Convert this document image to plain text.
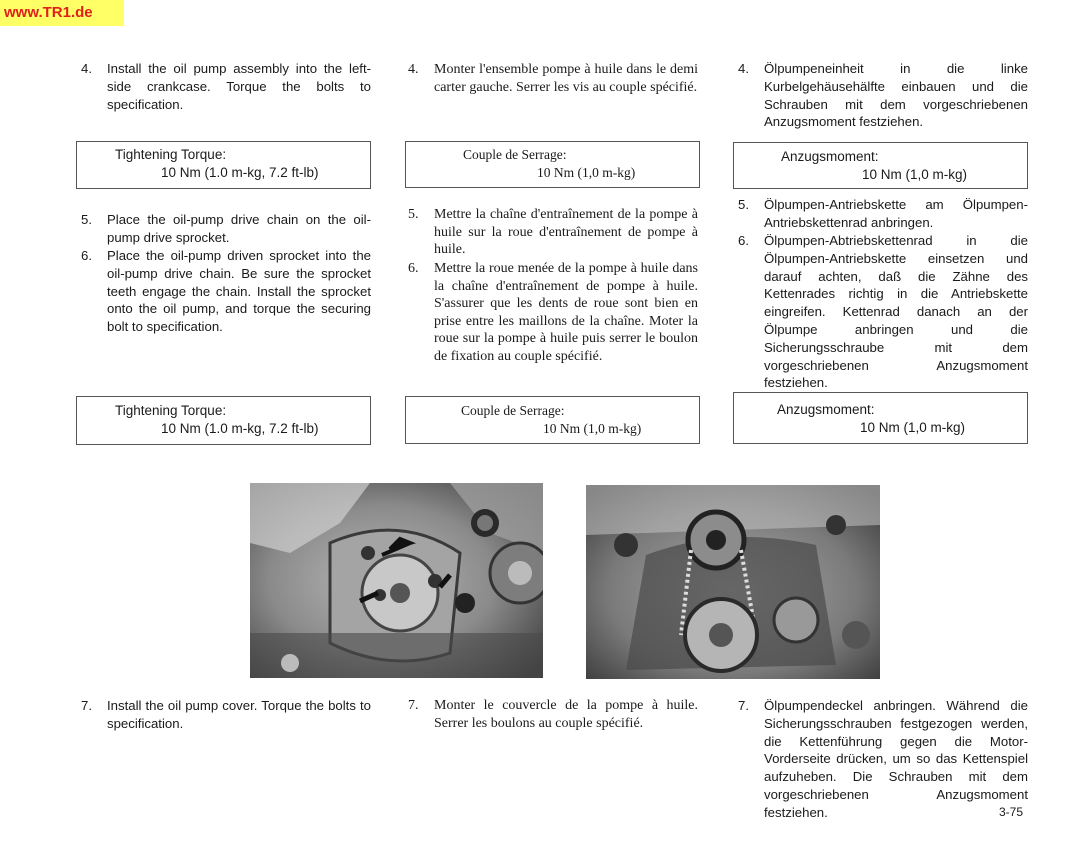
www.TR1.de
4. Install the oil pump assembly into the left-side crankcase. Torque the bolts to specification.
Tightening Torque:
10 Nm (1.0 m-kg, 7.2 ft-lb)
5. Place the oil-pump drive chain on the oil-pump drive sprocket.
6. Place the oil-pump driven sprocket into the oil-pump drive chain. Be sure the sprocket teeth engage the chain. Install the sprocket onto the oil pump, and torque the securing bolt to specification.
Tightening Torque:
10 Nm (1.0 m-kg, 7.2 ft-lb)
7. Install the oil pump cover. Torque the bolts to specification.
4. Monter l'ensemble pompe à huile dans le demi carter gauche. Serrer les vis au couple spécifié.
Couple de Serrage:
10 Nm (1,0 m-kg)
5. Mettre la chaîne d'entraînement de la pompe à huile sur la roue d'entraînement de pompe à huile.
6. Mettre la roue menée de la pompe à huile dans la chaîne d'entraînement de pompe à huile. S'assurer que les dents de roue sont bien en prise entre les maillons de la chaîne. Moter la roue sur la pompe à huile puis serrer le boulon de fixation au couple spécifié.
Couple de Serrage:
10 Nm (1,0 m-kg)
7. Monter le couvercle de la pompe à huile. Serrer les boulons au couple spécifié.
4. Ölpumpeneinheit in die linke Kurbelgehäusehälfte einbauen und die Schrauben mit dem vorgeschriebenen Anzugsmoment festziehen.
Anzugsmoment:
10 Nm (1,0 m-kg)
5. Ölpumpen-Antriebskette am Ölpumpen-Antriebskettenrad anbringen.
6. Ölpumpen-Abtriebskettenrad in die Ölpumpen-Antriebskette einsetzen und darauf achten, daß die Zähne des Kettenrades richtig in die Antriebskette eingreifen. Kettenrad danach an der Ölpumpe anbringen und die Sicherungsschraube mit dem vorgeschriebenen Anzugsmoment festziehen.
Anzugsmoment:
10 Nm (1,0 m-kg)
7. Ölpumpendeckel anbringen. Während die Sicherungsschrauben festgezogen werden, die Kettenführung gegen die Motor-Vorderseite drücken, um so das Kettenspiel aufzuheben. Die Schrauben mit dem vorgeschriebenen Anzugsmoment festziehen.	3-75
